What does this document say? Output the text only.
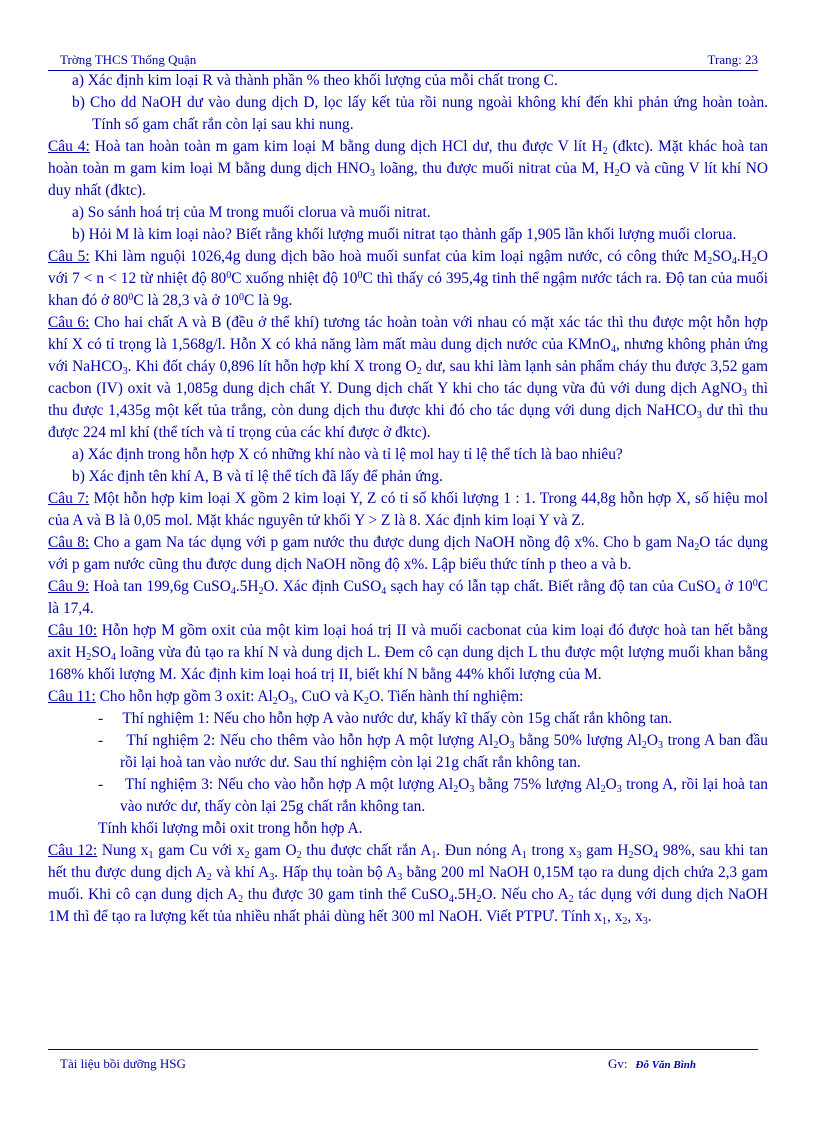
Trờng THCS Thống Quận	Trang: 23

a) Xác định kim loại R và thành phần % theo khối lượng của mỗi chất trong C.

b) Cho dd NaOH dư vào dung dịch D, lọc lấy kết tủa rồi nung ngoài không khí đến khi phản ứng hoàn toàn. Tính số gam chất rắn còn lại sau khi nung.

Câu 4: Hoà tan hoàn toàn m gam kim loại M bằng dung dịch HCl dư, thu được V lít $H_2$ (đktc). Mặt khác hoà tan hoàn toàn m gam kim loại M bằng dung dịch $HNO_3$ loãng, thu được muối nitrat của M, $H_2O$ và cũng V lít khí NO duy nhất (đktc).

a) So sánh hoá trị của M trong muối clorua và muối nitrat.

b) Hỏi M là kim loại nào? Biết rằng khối lượng muối nitrat tạo thành gấp 1,905 lần khối lượng muối clorua.

Câu 5: Khi làm nguội 1026,4g dung dịch bão hoà muối sunfat của kim loại ngậm nước, có công thức $M_2SO_4.H_2O$ với 7 < n < 12 từ nhiệt độ $80^0C$ xuống nhiệt độ $10^0C$ thì thấy có 395,4g tinh thể ngậm nước tách ra. Độ tan của muối khan đó ở $80^0C$ là 28,3 và ở $10^0C$ là 9g.

Câu 6: Cho hai chất A và B (đều ở thể khí) tương tác hoàn toàn với nhau có mặt xác tác thì thu được một hỗn hợp khí X có tỉ trọng là 1,568g/l. Hỗn X có khả năng làm mất màu dung dịch nước của KMnO$_4$, nhưng không phản ứng với NaHCO$_3$. Khi đốt cháy 0,896 lít hỗn hợp khí X trong $O_2$ dư, sau khi làm lạnh sản phẩm cháy thu được 3,52 gam cacbon (IV) oxit và 1,085g dung dịch chất Y. Dung dịch chất Y khi cho tác dụng vừa đủ với dung dịch AgNO$_3$ thì thu được 1,435g một kết tủa trắng, còn dung dịch thu được khi đó cho tác dụng với dung dịch NaHCO$_3$ dư thì thu được 224 ml khí (thể tích và tỉ trọng của các khí được ở đktc).

a) Xác định trong hỗn hợp X có những khí nào và tỉ lệ mol hay tỉ lệ thể tích là bao nhiêu?

b) Xác định tên khí A, B và tỉ lệ thể tích đã lấy để phản ứng.

Câu 7: Một hỗn hợp kim loại X gồm 2 kim loại Y, Z có tỉ số khối lượng 1 : 1. Trong 44,8g hỗn hợp X, số hiệu mol của A và B là 0,05 mol. Mặt khác nguyên tử khối Y > Z là 8. Xác định kim loại Y và Z.

Câu 8: Cho a gam Na tác dụng với p gam nước thu được dung dịch NaOH nồng độ x%. Cho b gam $Na_2O$ tác dụng với p gam nước cũng thu được dung dịch NaOH nồng độ x%. Lập biểu thức tính p theo a và b.

Câu 9: Hoà tan 199,6g $CuSO_4.5H_2O$. Xác định CuSO$_4$ sạch hay có lẫn tạp chất. Biết rằng độ tan của CuSO$_4$ ở $10^0C$ là 17,4.

Câu 10: Hỗn hợp M gồm oxit của một kim loại hoá trị II và muối cacbonat của kim loại đó được hoà tan hết bằng axit $H_2SO_4$ loãng vừa đủ tạo ra khí N và dung dịch L. Đem cô cạn dung dịch L thu được một lượng muối khan bằng 168% khối lượng M. Xác định kim loại hoá trị II, biết khí N bằng 44% khối lượng của M.

Câu 11: Cho hỗn hợp gồm 3 oxit: $Al_2O_3$, CuO và $K_2O$. Tiến hành thí nghiệm:

-     Thí nghiệm 1: Nếu cho hỗn hợp A vào nước dư, khấy kĩ thấy còn 15g chất rắn không tan.

-     Thí nghiệm 2: Nếu cho thêm vào hỗn hợp A một lượng $Al_2O_3$ bằng 50% lượng $Al_2O_3$ trong A ban đầu rồi lại hoà tan vào nước dư. Sau thí nghiệm còn lại 21g chất rắn không tan.

-     Thí nghiệm 3: Nếu cho vào hỗn hợp A một lượng $Al_2O_3$ bằng 75% lượng $Al_2O_3$ trong A, rồi lại hoà tan vào nước dư, thấy còn lại 25g chất rắn không tan.

Tính khối lượng mỗi oxit trong hỗn hợp A.

Câu 12: Nung $x_1$ gam Cu với $x_2$ gam $O_2$ thu được chất rắn $A_1$. Đun nóng $A_1$ trong $x_3$ gam $H_2SO_4$ 98%, sau khi tan hết thu được dung dịch $A_2$ và khí $A_3$. Hấp thụ toàn bộ $A_3$ bằng 200 ml NaOH 0,15M tạo ra dung dịch chứa 2,3 gam muối. Khi cô cạn dung dịch $A_2$ thu được 30 gam tinh thể $CuSO_4.5H_2O$. Nếu cho $A_2$ tác dụng với dung dịch NaOH 1M thì để tạo ra lượng kết tủa nhiều nhất phải dùng hết 300 ml NaOH. Viết PTPƯ. Tính $x_1$, $x_2$, $x_3$.

Tài liệu bồi dưỡng HSG	Gv: Đỗ Văn Bình
